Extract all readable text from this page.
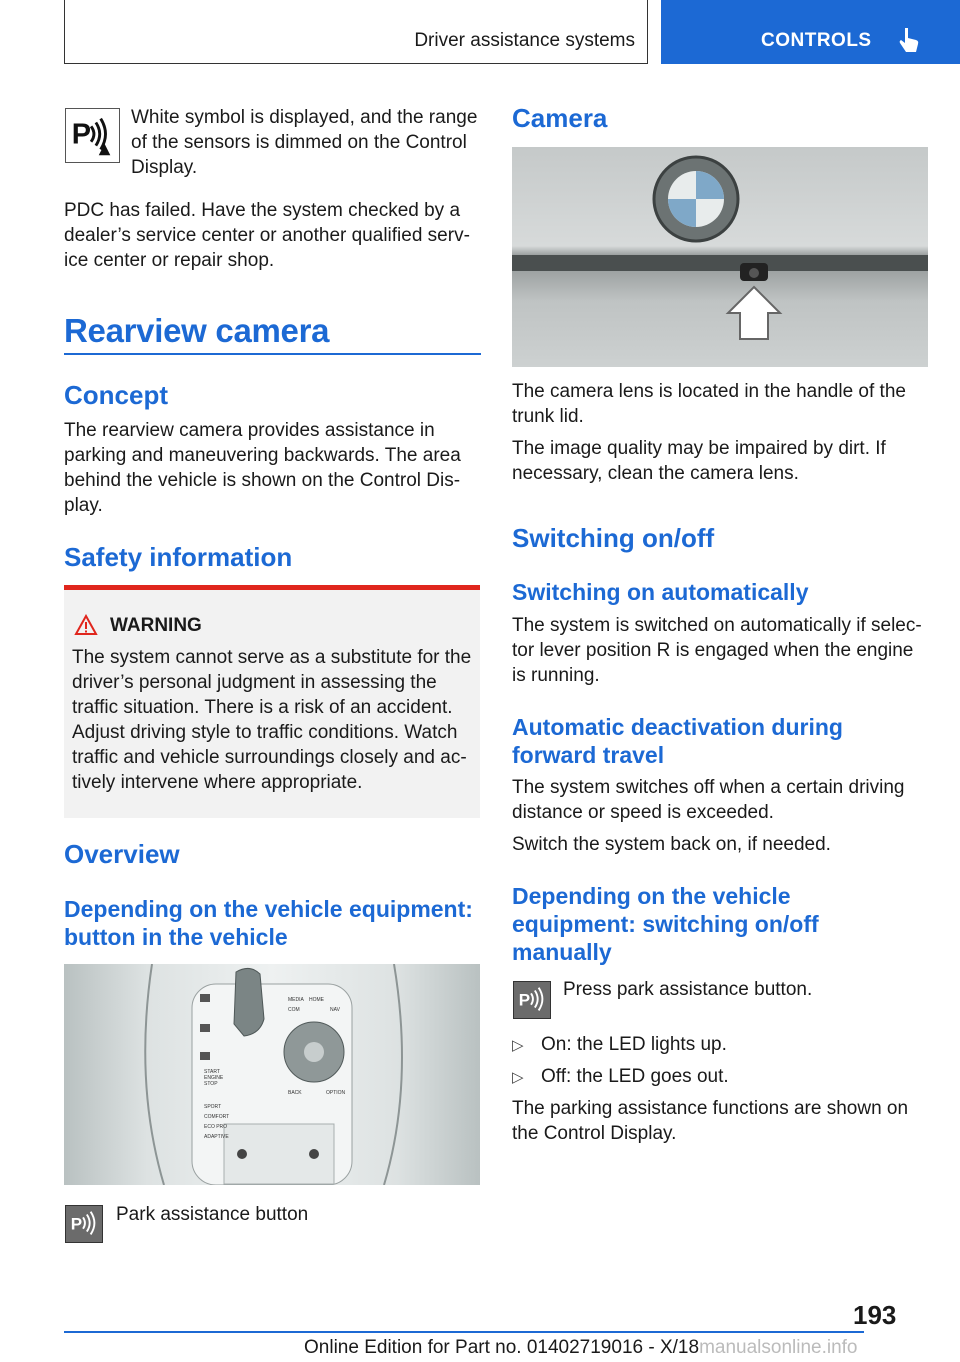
Driver assistance systems	CONTROLS
P

White symbol is displayed, and the range of the sensors is dimmed on the Control Display.

PDC has failed. Have the system checked by a dealer’s service center or another qualified service center or repair shop.

Rearview camera
Concept

The rearview camera provides assistance in parking and maneuvering backwards. The area behind the vehicle is shown on the Control Display.

Safety information
WARNING

The system cannot serve as a substitute for the driver’s personal judgment in assessing the traffic situation. There is a risk of an accident. Adjust driving style to traffic conditions. Watch traffic and vehicle surroundings closely and actively intervene where appropriate.

Overview
Depending on the vehicle equipment: button in the vehicle
MEDIA HOME
COM	NAV
BACK	OPTION
SPORT
COMFORT
ECO PRO
ADAPTIVE
START ENGINE STOP
P Park assistance button

Camera

The camera lens is located in the handle of the trunk lid.

The image quality may be impaired by dirt. If necessary, clean the camera lens.

Switching on/off
Switching on automatically

The system is switched on automatically if selector lever position R is engaged when the engine is running.

Automatic deactivation during forward travel

The system switches off when a certain driving distance or speed is exceeded.

Switch the system back on, if needed.

Depending on the vehicle equipment: switching on/off manually
P

Press park assistance button.

▷ On: the LED lights up.

▷ Off: the LED goes out.

The parking assistance functions are shown on the Control Display.

193
Online Edition for Part no. 01402719016 - X/18manualsonline.info
